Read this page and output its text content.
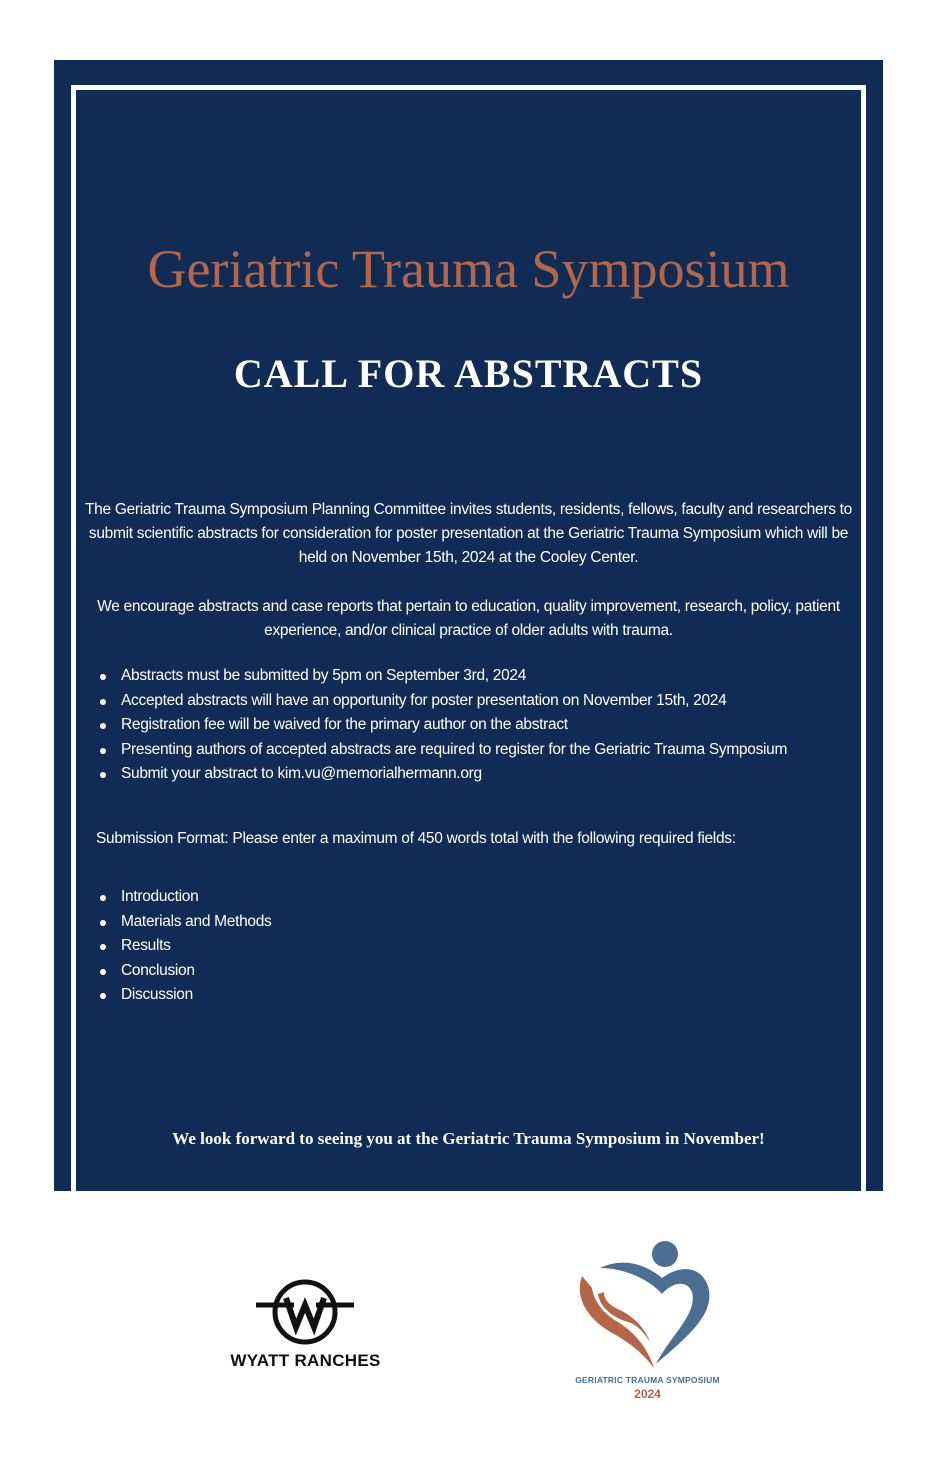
Geriatric Trauma Symposium
CALL FOR ABSTRACTS
The Geriatric Trauma Symposium Planning Committee invites students, residents, fellows, faculty and researchers to submit scientific abstracts for consideration for poster presentation at the Geriatric Trauma Symposium which will be held on November 15th, 2024 at the Cooley Center.
We encourage abstracts and case reports that pertain to education, quality improvement, research, policy, patient experience, and/or clinical practice of older adults with trauma.
Abstracts must be submitted by 5pm on September 3rd, 2024
Accepted abstracts will have an opportunity for poster presentation on November 15th, 2024
Registration fee will be waived for the primary author on the abstract
Presenting authors of accepted abstracts are required to register for the Geriatric Trauma Symposium
Submit your abstract to kim.vu@memorialhermann.org
Submission Format: Please enter a maximum of 450 words total with the following required fields:
Introduction
Materials and Methods
Results
Conclusion
Discussion
We look forward to seeing you at the Geriatric Trauma Symposium in November!
WYATT RANCHES
GERIATRIC TRAUMA SYMPOSIUM
2024
